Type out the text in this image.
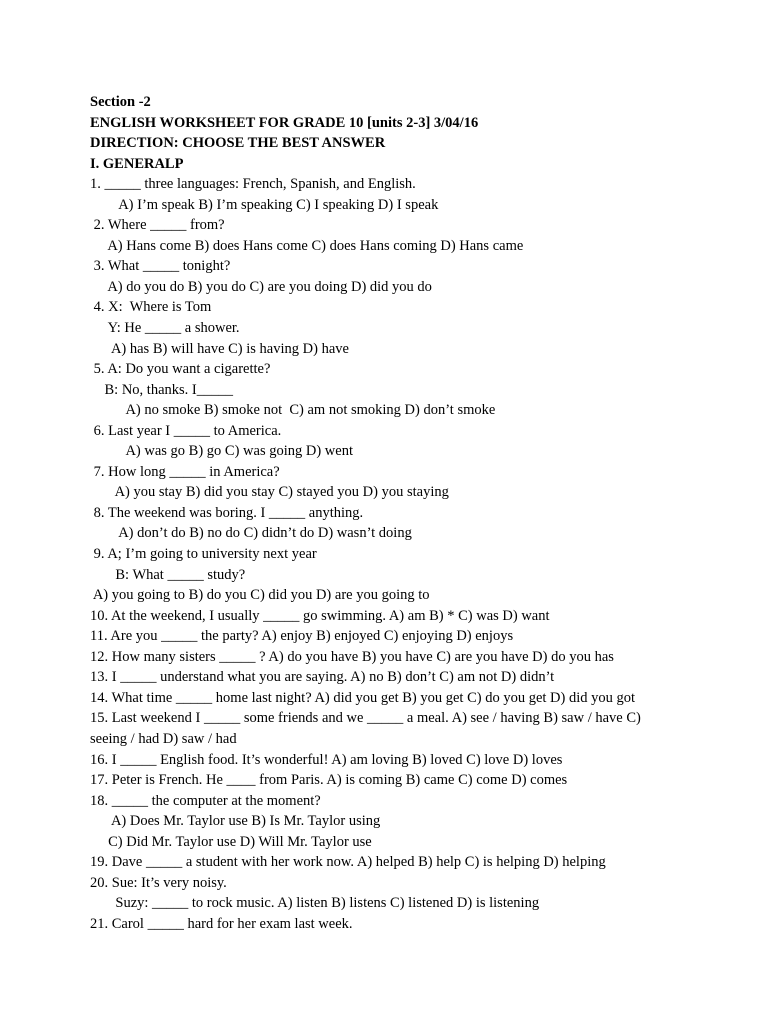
Section -2
ENGLISH WORKSHEET FOR GRADE 10 [units 2-3] 3/04/16
DIRECTION: CHOOSE THE BEST ANSWER
I. GENERALP
1. _____ three languages: French, Spanish, and English.
A) I’m speak B) I’m speaking C) I speaking D) I speak
2. Where _____ from?
A) Hans come B) does Hans come C) does Hans coming D) Hans came
3. What _____ tonight?
A) do you do B) you do C) are you doing D) did you do
4. X:  Where is Tom
Y: He _____ a shower.
A) has B) will have C) is having D) have
5. A: Do you want a cigarette?
B: No, thanks. I_____
A) no smoke B) smoke not  C) am not smoking D) don’t smoke
6. Last year I _____ to America.
A) was go B) go C) was going D) went
7. How long _____ in America?
A) you stay B) did you stay C) stayed you D) you staying
8. The weekend was boring. I _____ anything.
A) don’t do B) no do C) didn’t do D) wasn’t doing
9. A; I’m going to university next year
B: What _____ study?
A) you going to B) do you C) did you D) are you going to
10. At the weekend, I usually _____ go swimming. A) am B) * C) was D) want
11. Are you _____ the party? A) enjoy B) enjoyed C) enjoying D) enjoys
12. How many sisters _____ ? A) do you have B) you have C) are you have D) do you has
13. I _____ understand what you are saying. A) no B) don’t C) am not D) didn’t
14. What time _____ home last night? A) did you get B) you get C) do you get D) did you got
15. Last weekend I _____ some friends and we _____ a meal. A) see / having B) saw / have C)
seeing / had D) saw / had
16. I _____ English food. It’s wonderful! A) am loving B) loved C) love D) loves
17. Peter is French. He ____ from Paris. A) is coming B) came C) come D) comes
18. _____ the computer at the moment?
A) Does Mr. Taylor use B) Is Mr. Taylor using
C) Did Mr. Taylor use D) Will Mr. Taylor use
19. Dave _____ a student with her work now. A) helped B) help C) is helping D) helping
20. Sue: It’s very noisy.
Suzy: _____ to rock music. A) listen B) listens C) listened D) is listening
21. Carol _____ hard for her exam last week.
